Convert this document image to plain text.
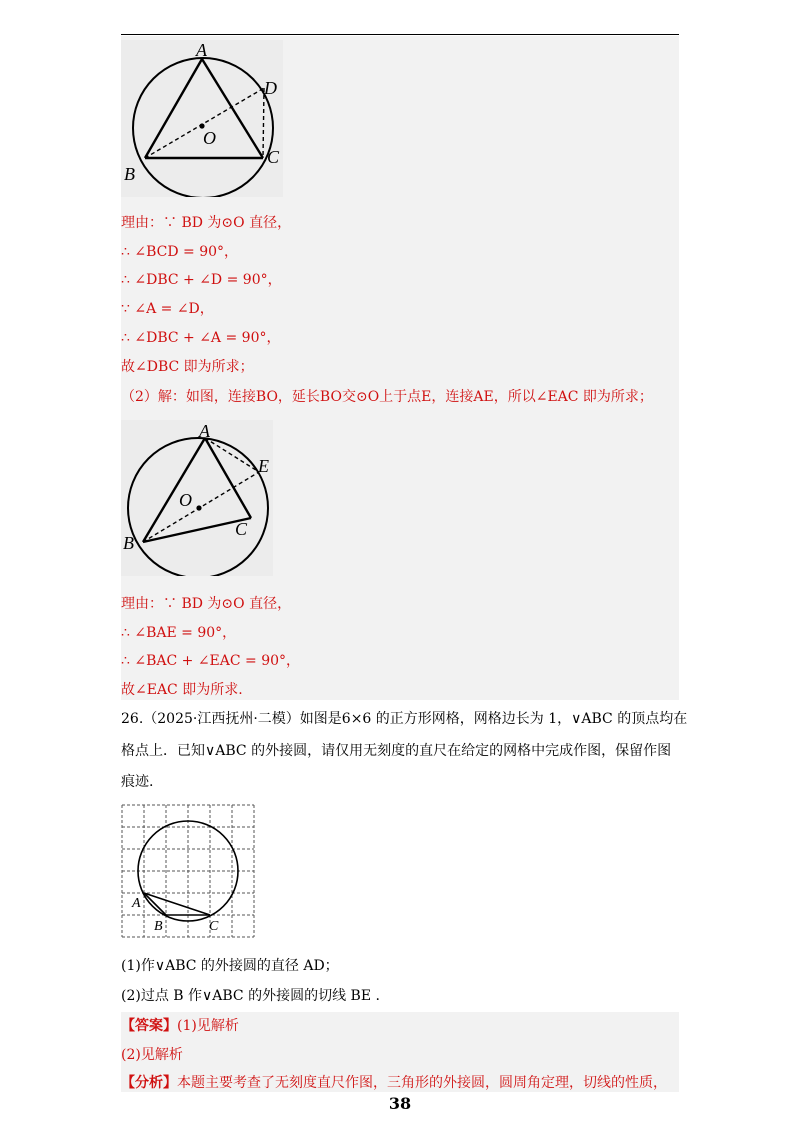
A
B
C
D
O
理由：∵ BD 为⊙O 直径，
∴ ∠BCD = 90°，
∴ ∠DBC + ∠D = 90°，
∵ ∠A = ∠D，
∴ ∠DBC + ∠A = 90°，
故∠DBC 即为所求；
（2）解：如图，连接BO，延长BO交⊙O上于点E，连接AE，所以∠EAC 即为所求；
A
B
C
E
O
理由：∵ BD 为⊙O 直径，
∴ ∠BAE = 90°，
∴ ∠BAC + ∠EAC = 90°，
故∠EAC 即为所求.
26.（2025·江西抚州·二模）如图是6×6 的正方形网格，网格边长为 1，∨ABC 的顶点均在
格点上．已知∨ABC 的外接圆，请仅用无刻度的直尺在给定的网格中完成作图，保留作图
痕迹.
A
B	C
(1)作∨ABC 的外接圆的直径 AD；
(2)过点 B 作∨ABC 的外接圆的切线 BE .
【答案】(1)见解析
(2)见解析
【分析】本题主要考查了无刻度直尺作图，三角形的外接圆，圆周角定理，切线的性质，
38
